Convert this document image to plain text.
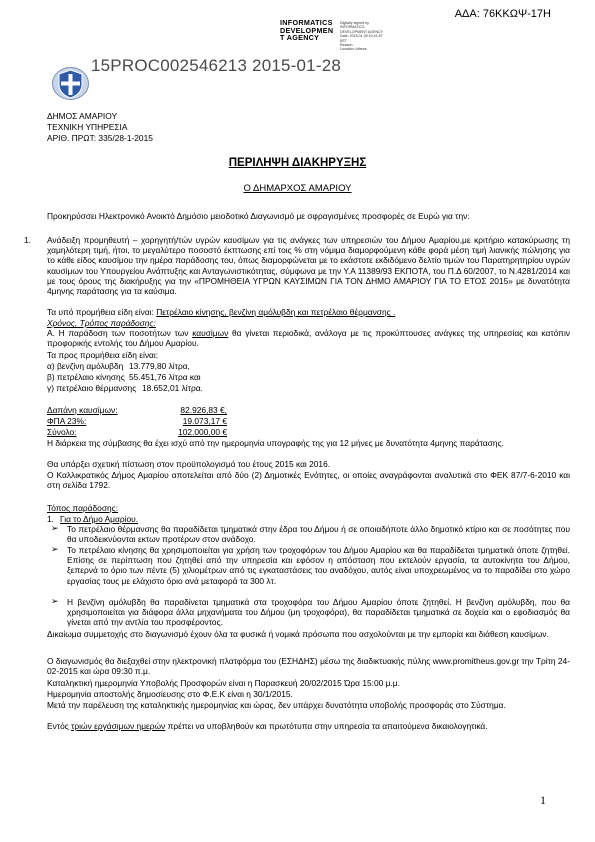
ΑΔΑ: 76ΚΚΩΨ-17Η
INFORMATICS
DEVELOPMEN
T AGENCY
Digitally signed by
INFORMATICS
DEVELOPMENT AGENCY
Date: 2015.01.28 10:41:57
EET
Reason:
Location: Athens
15PROC002546213 2015-01-28
ΔΗΜΟΣ ΑΜΑΡΙΟΥ
ΤΕΧΝΙΚΗ ΥΠΗΡΕΣΙΑ
ΑΡΙΘ. ΠΡΩΤ: 335/28-1-2015
ΠΕΡΙΛΗΨΗ ΔΙΑΚΗΡΥΞΗΣ
Ο ΔΗΜΑΡΧΟΣ ΑΜΑΡΙΟΥ
Προκηρύσσει Ηλεκτρονικό Ανοικτό Δημόσιο μειοδοτικό Διαγωνισμό με σφραγισμένες προσφορές σε Ευρώ για την:
1. Ανάδειξη προμηθευτή – χορηγητή/τών υγρών καυσίμων για τις ανάγκες των υπηρεσιών του Δήμου Αμαρίου,με κριτήριο κατακύρωσης τη χαμηλότερη τιμή, ήτοι, το μεγαλύτερο ποσοστό έκπτωσης επί τοις % στη νόμιμα διαμορφούμενη κάθε φορά μέση τιμή λιανικής πώλησης για το κάθε είδος καυσίμου την ημέρα παράδοσης του, όπως διαμορφώνεται με το εκάστοτε εκδιδόμενο δελτίο τιμών του Παρατηρητηρίου υγρών καυσίμων του Υπουργείου Ανάπτυξης και Ανταγωνιστικότητας, σύμφωνα με την Υ.Α 11389/93 ΕΚΠΟΤΑ, του Π.Δ 60/2007, το Ν.4281/2014 και με τους όρους της διακήρυξης για την «ΠΡΟΜΗΘΕΙΑ ΥΓΡΩΝ ΚΑΥΣΙΜΩΝ ΓΙΑ ΤΟΝ ΔΗΜΟ ΑΜΑΡΙΟΥ ΓΙΑ ΤΟ ΕΤΟΣ 2015» με δυνατότητα 4μηνης παράτασης για τα καύσιμα.
Τα υπό προμήθεια είδη είναι: Πετρέλαιο κίνησης, βενζίνη αμόλυβδη και πετρέλαιο θέρμανσης .
Χρόνος, Τρόπος παράδοσης:
Α. Η παράδοση των ποσοτήτων των καυσίμων θα γίνεται περιοδικά, ανάλογα με τις προκύπτουσες ανάγκες της υπηρεσίας και κατόπιν προφορικής εντολής του Δήμου Αμαρίου.
Τα προς προμήθεια είδη είναι:
α) βενζίνη αμόλυβδη 13.779,80 λίτρα,
β) πετρέλαιο κίνησης 55.451,76 λίτρα και
γ) πετρέλαιο θέρμανσης 18.652,01 λίτρα.
Δαπάνη καυσίμων:	82.926,83 €,
ΦΠΑ 23%:	19.073,17 €
Σύνολο:	102.000,00 €
Η διάρκεια της σύμβασης θα έχει ισχύ από την ημερομηνία υπογραφής της για 12 μήνες με δυνατότητα 4μηνης παράτασης.
Θα υπάρξει σχετική πίστωση στον προϋπολογισμό του έτους 2015 και 2016.
Ο Καλλικρατικός Δήμος Αμαρίου αποτελείται από δύο (2) Δημοτικές Ενότητες, οι οποίες αναγράφονται αναλυτικά στο ΦΕΚ 87/7-6-2010 και στη σελίδα 1792.
Τόπος παράδοσης:
1. Για το Δήμο Αμαρίου.
➢ Το πετρέλαιο θέρμανσης θα παραδίδεται τμηματικά στην έδρα του Δήμου ή σε οποιαδήποτε άλλο δημοτικό κτίριο και σε ποσότητες που θα υποδεικνύονται εκτων προτέρων στον ανάδοχο.
➢ Το πετρέλαιο κίνησης θα χρησιμοποιείται για χρήση των τροχοφόρων του Δήμου Αμαρίου και θα παραδίδεται τμηματικά όποτε ζητηθεί. Επίσης σε περίπτωση που ζητηθεί από την υπηρεσία και εφόσον η απόσταση που εκτελούν εργασία, τα αυτοκίνητα του Δήμου, ξεπερνά το όριο των πέντε (5) χιλιομέτρων από τις εγκαταστάσεις του αναδόχου, αυτός είναι υποχρεωμένος να το παραδίδει στο χώρο εργασίας τους με ελάχιστο όριο ανά μεταφορά τα 300 λτ.
➢ Η βενζίνη αμόλυβδη θα παραδίνεται τμηματικά στα τροχοφόρα του Δήμου Αμαρίου όποτε ζητηθεί. Η βενζίνη αμόλυβδη, που θα χρησιμοποιείται για διάφορα άλλα μηχανήματα του Δήμου (μη τροχοφόρα), θα παραδίδεται τμηματικά σε δοχεία και ο εφοδιασμός θα γίνεται από την αντλία του προσφέροντος.
Δικαίωμα συμμετοχής στο διαγωνισμό έχουν όλα τα φυσικά ή νομικά πρόσωπα που ασχολούνται με την εμπορία και διάθεση καυσίμων.
Ο διαγωνισμός θα διεξαχθεί στην ηλεκτρονική πλατφόρμα του (ΕΣΗΔΗΣ) μέσω της διαδικτυακής πύλης www.promitheus.gov.gr την Τρίτη 24-02-2015 και ώρα 09:30 π.μ.
Καταληκτική ημερομηνία Υποβολής Προσφορών είναι η Παρασκευή 20/02/2015 Ώρα 15:00 μ.μ.
Ημερομηνία αποστολής δημοσίευσης στο Φ.Ε.Κ είναι η 30/1/2015.
Μετά την παρέλευση της καταληκτικής ημερομηνίας και ώρας, δεν υπάρχει δυνατότητα υποβολής προσφοράς στο Σύστημα.
Εντός τριών εργάσιμων ημερών πρέπει να υποβληθούν και πρωτότυπα στην υπηρεσία τα απαιτούμενα δικαιολογητικά.
1
